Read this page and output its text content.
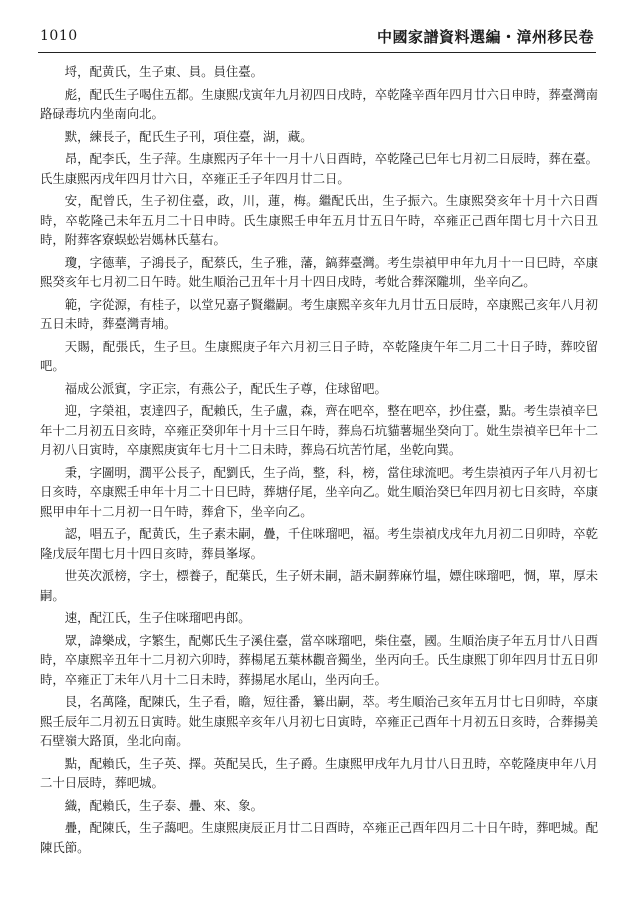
1010	中國家譜資料選編・漳州移民卷

埒，配黄氏，生子東、員。員住臺。

彪，配氏生子喝住五都。生康熙戊寅年九月初四日戌時，卒乾隆辛酉年四月廿六日申時，葬臺灣南路碌毒坑内坐南向北。

默，練長子，配氏生子刊，項住臺，湖，藏。

昂，配李氏，生子萍。生康熙丙子年十一月十八日酉時，卒乾隆己巳年七月初二日辰時，葬在臺。氏生康熙丙戌年四月廿六日，卒雍正壬子年四月廿二日。

安，配曾氏，生子初住臺，政，川，蓮，梅。繼配氏出，生子振六。生康熙癸亥年十月十六日酉時，卒乾隆己未年五月二十日申時。氏生康熙壬申年五月廿五日午時，卒雍正己酉年閏七月十六日丑時，附葬客寮蜈蚣岩媽林氏墓右。

瓊，字德華，子鴻長子，配蔡氏，生子雅，藩，鎬葬臺灣。考生崇禎甲申年九月十一日巳時，卒康熙癸亥年七月初二日午時。妣生順治己丑年十月十四日戌時，考妣合葬深隴圳，坐辛向乙。

範，字從源，有桂子，以堂兄嘉子賢繼嗣。考生康熙辛亥年九月廿五日辰時，卒康熙己亥年八月初五日未時，葬臺灣青埔。

天賜，配張氏，生子旦。生康熙庚子年六月初三日子時，卒乾隆庚午年二月二十日子時，葬咬留吧。

福成公派賓，字正宗，有燕公子，配氏生子尊，住球留吧。

迎，字榮祖，衷達四子，配賴氏，生子盧，森，齊在吧卒，整在吧卒，抄住臺，點。考生崇禎辛巳年十二月初五日亥時，卒雍正癸卯年十月十三日午時，葬烏石坑貓薯堀坐癸向丁。妣生崇禎辛巳年十二月初八日寅時，卒康熙庚寅年七月十二日未時，葬烏石坑苦竹尾，坐乾向巽。

秉，字圖明，潤平公長子，配劉氏，生子尚，整，科，榜，當住球流吧。考生崇禎丙子年八月初七日亥時，卒康熙壬申年十月二十日巳時，葬塘仔尾，坐辛向乙。妣生順治癸巳年四月初七日亥時，卒康熙甲申年十二月初一日午時，葬倉下，坐辛向乙。

認，唱五子，配黄氏，生子素未嗣，疊，千住咪瑠吧，福。考生崇禎戊戌年九月初二日卯時，卒乾隆戊辰年閏七月十四日亥時，葬員峯塚。

世英次派榜，字士，標養子，配葉氏，生子妍未嗣，語未嗣葬麻竹塭，嫖住咪瑠吧，惆，單，厚未嗣。

速，配江氏，生子住咪瑠吧冉郎。

眾，諱樂成，字繁生，配鄭氏生子溪住臺，當卒咪瑠吧，柴住臺，國。生順治庚子年五月廿八日酉時，卒康熙辛丑年十二月初六卯時，葬楊尾五葉林觀音獨坐，坐丙向壬。氏生康熙丁卯年四月廿五日卯時，卒雍正丁未年八月十二日未時，葬揚尾水尾山，坐丙向壬。

艮，名萬隆，配陳氏，生子看，瞻，短往番，纂出嗣，萃。考生順治己亥年五月廿七日卯時，卒康熙壬辰年二月初五日寅時。妣生康熙辛亥年八月初七日寅時，卒雍正己酉年十月初五日亥時，合葬揚美石壁嶺大路頂，坐北向南。

點，配賴氏，生子英、擇。英配吴氏，生子爵。生康熙甲戌年九月廿八日丑時，卒乾隆庚申年八月二十日辰時，葬吧城。

織，配賴氏，生子泰、疊、來、象。

疊，配陳氏，生子藹吧。生康熙庚辰正月廿二日酉時，卒雍正己酉年四月二十日午時，葬吧城。配陳氏節。
